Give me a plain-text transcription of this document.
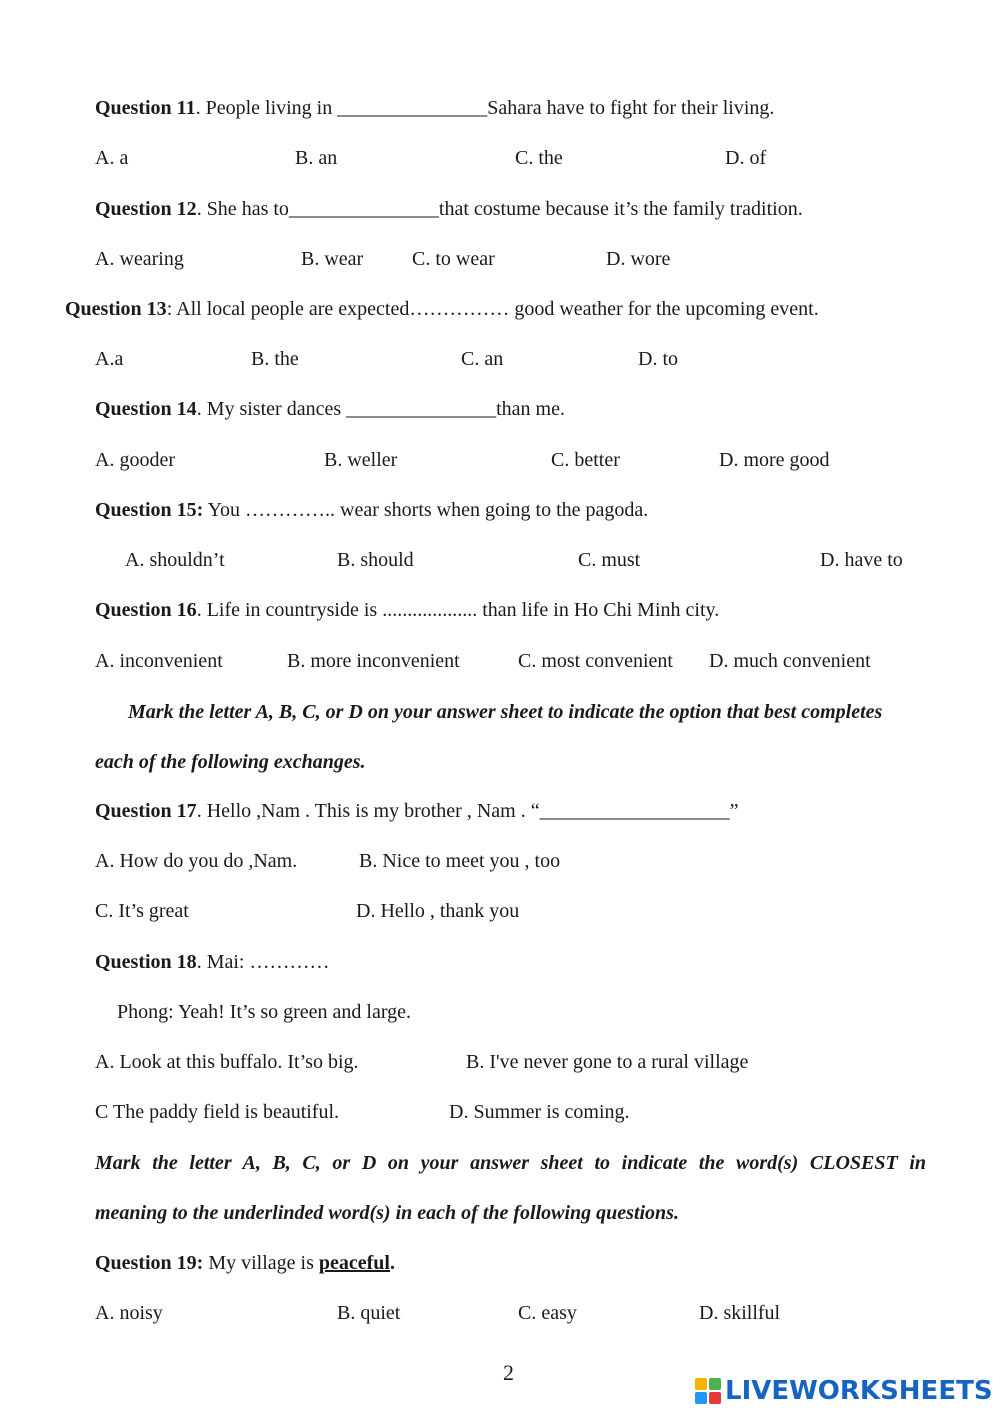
Question 11. People living in _______________Sahara have to fight for their living.
A. a	B. an	C. the	D. of
Question 12. She has to_______________that costume because it’s the family tradition.
A. wearing	B. wear C. to wear	D. wore
Question 13: All local people are expected…………… good weather for the upcoming event.
A.a	B. the	C. an	D. to
Question 14. My sister dances _______________than me.
A. gooder	B. weller	C. better	D. more good
Question 15: You ………….. wear shorts when going to the pagoda.
A. shouldn’t	B. should	C. must	D. have to
Question 16. Life in countryside is ................... than life in Ho Chi Minh city.
A. inconvenient	B. more inconvenient	C. most convenient D. much convenient
Mark the letter A, B, C, or D on your answer sheet to indicate the option that best completes
each of the following exchanges.
Question 17. Hello ,Nam . This is my brother , Nam . “___________________”
A. How do you do ,Nam.	B. Nice to meet you , too
C. It’s great	D. Hello , thank you
Question 18. Mai: …………
Phong: Yeah! It’s so green and large.
A. Look at this buffalo. It’so big.	B. I've never gone to a rural village
C The paddy field is beautiful.	D. Summer is coming.
Mark the letter A, B, C, or D on your answer sheet to indicate the word(s) CLOSEST in
meaning to the underlinded word(s) in each of the following questions.
Question 19: My village is peaceful.
A. noisy	B. quiet	C. easy	D. skillful
2
LIVEWORKSHEETS
